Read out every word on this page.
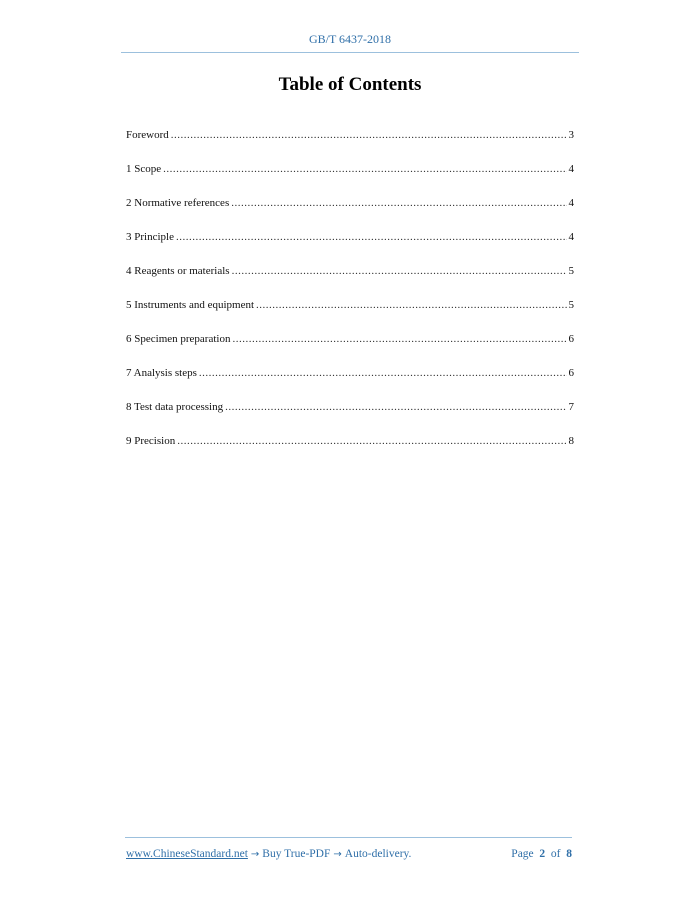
GB/T 6437-2018
Table of Contents
Foreword .....	3
1 Scope .....	4
2 Normative references .....	4
3 Principle .....	4
4 Reagents or materials .....	5
5 Instruments and equipment .....	5
6 Specimen preparation .....	6
7 Analysis steps .....	6
8 Test data processing .....	7
9 Precision .....	8
www.ChineseStandard.net → Buy True-PDF → Auto-delivery.	Page 2 of 8
